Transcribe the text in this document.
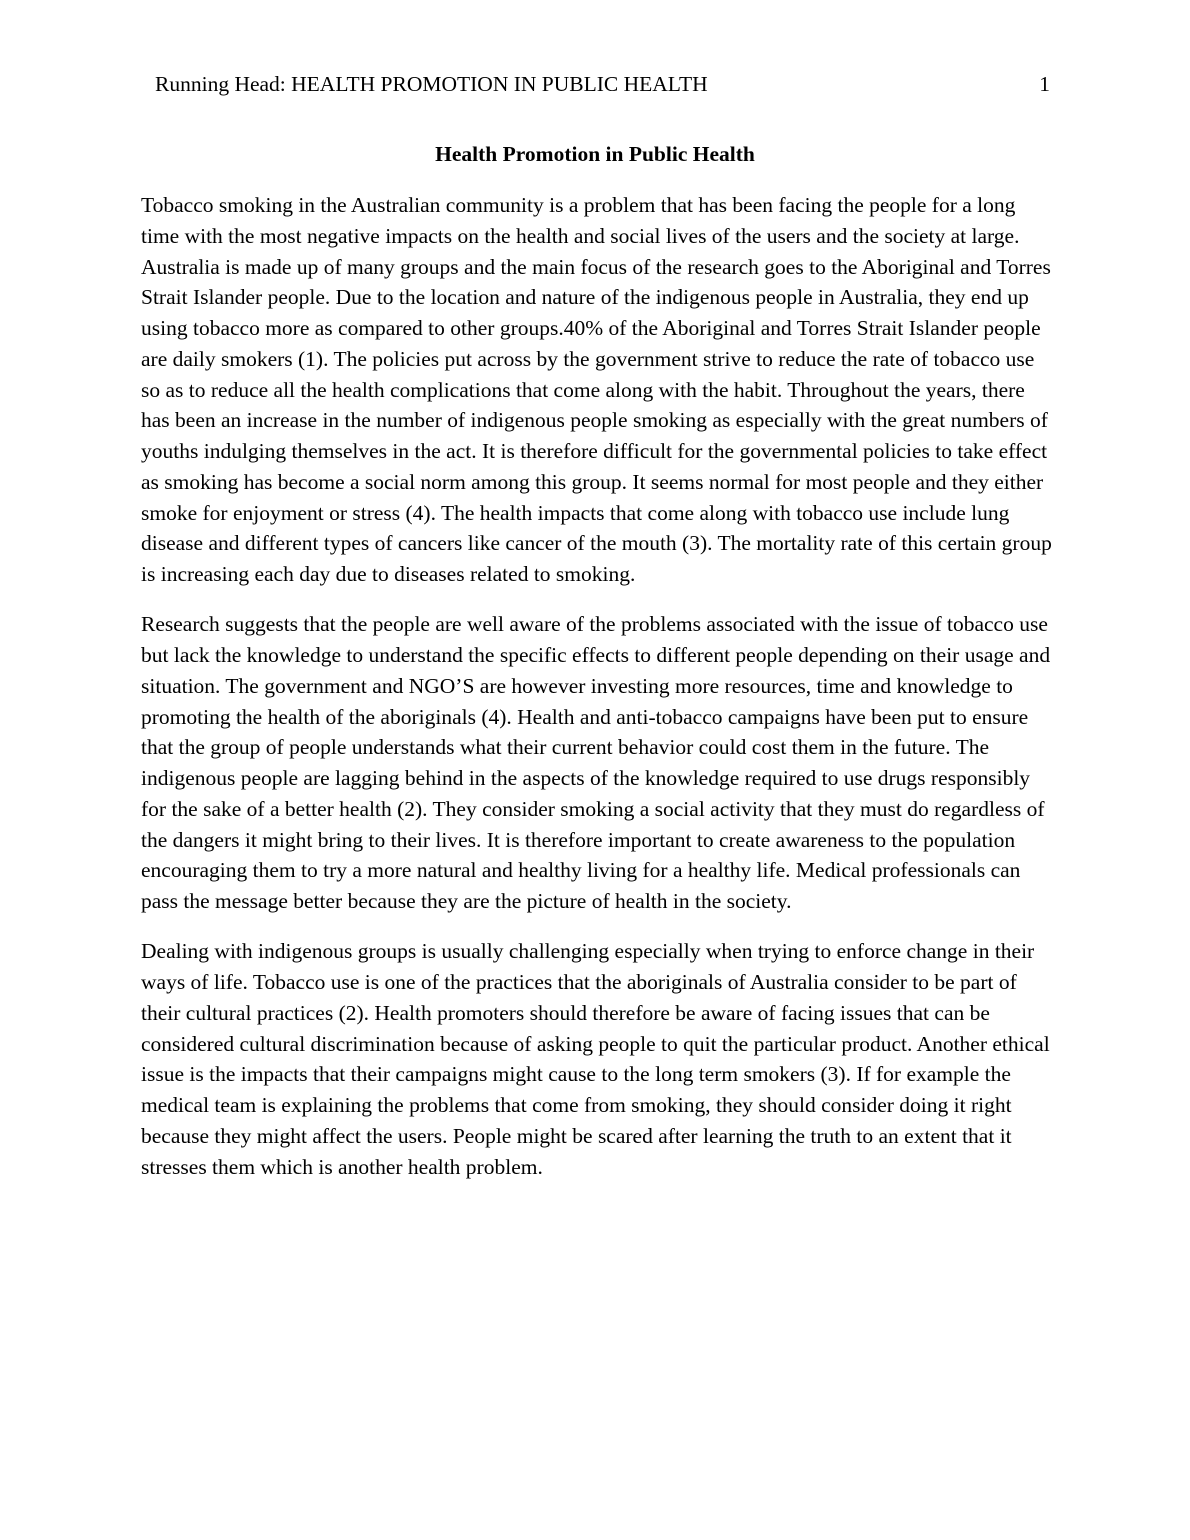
Running Head: HEALTH PROMOTION IN PUBLIC HEALTH	1
Health Promotion in Public Health

Tobacco smoking in the Australian community is a problem that has been facing the people for a long time with the most negative impacts on the health and social lives of the users and the society at large. Australia is made up of many groups and the main focus of the research goes to the Aboriginal and Torres Strait Islander people. Due to the location and nature of the indigenous people in Australia, they end up using tobacco more as compared to other groups.40% of the Aboriginal and Torres Strait Islander people are daily smokers (1). The policies put across by the government strive to reduce the rate of tobacco use so as to reduce all the health complications that come along with the habit. Throughout the years, there has been an increase in the number of indigenous people smoking as especially with the great numbers of youths indulging themselves in the act. It is therefore difficult for the governmental policies to take effect as smoking has become a social norm among this group. It seems normal for most people and they either smoke for enjoyment or stress (4). The health impacts that come along with tobacco use include lung disease and different types of cancers like cancer of the mouth (3). The mortality rate of this certain group is increasing each day due to diseases related to smoking.

Research suggests that the people are well aware of the problems associated with the issue of tobacco use but lack the knowledge to understand the specific effects to different people depending on their usage and situation. The government and NGO’S are however investing more resources, time and knowledge to promoting the health of the aboriginals (4). Health and anti-tobacco campaigns have been put to ensure that the group of people understands what their current behavior could cost them in the future. The indigenous people are lagging behind in the aspects of the knowledge required to use drugs responsibly for the sake of a better health (2). They consider smoking a social activity that they must do regardless of the dangers it might bring to their lives. It is therefore important to create awareness to the population encouraging them to try a more natural and healthy living for a healthy life. Medical professionals can pass the message better because they are the picture of health in the society.

Dealing with indigenous groups is usually challenging especially when trying to enforce change in their ways of life. Tobacco use is one of the practices that the aboriginals of Australia consider to be part of their cultural practices (2). Health promoters should therefore be aware of facing issues that can be considered cultural discrimination because of asking people to quit the particular product. Another ethical issue is the impacts that their campaigns might cause to the long term smokers (3). If for example the medical team is explaining the problems that come from smoking, they should consider doing it right because they might affect the users. People might be scared after learning the truth to an extent that it stresses them which is another health problem.
